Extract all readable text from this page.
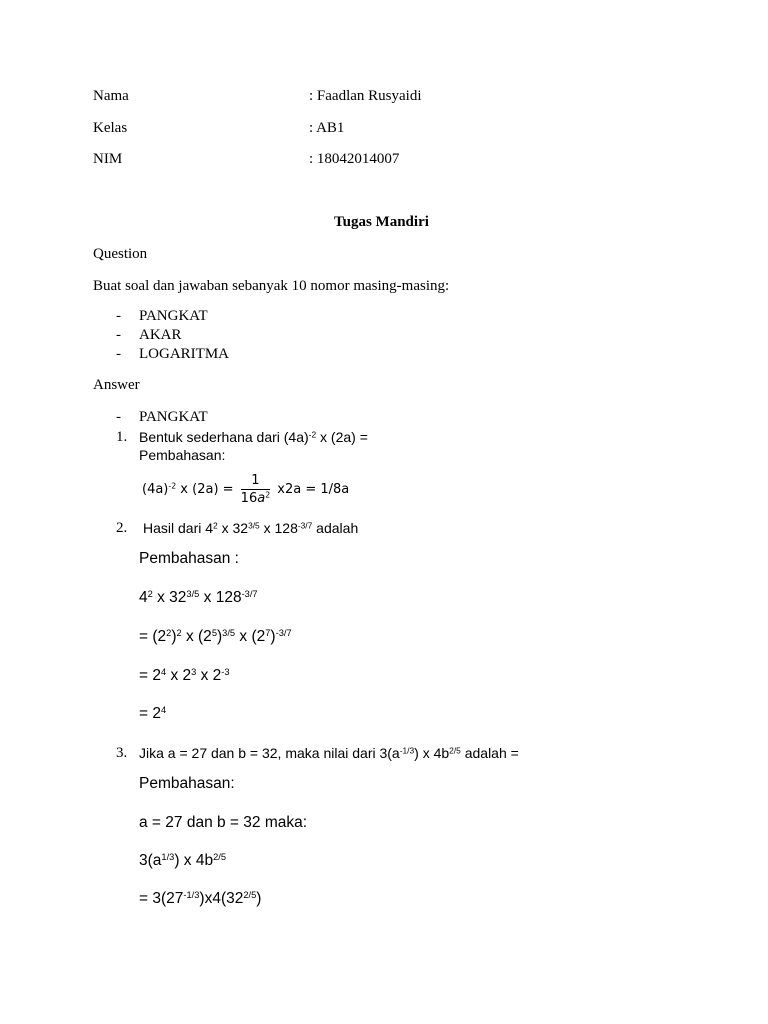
Nama	: Faadlan Rusyaidi
Kelas	: AB1
NIM	: 18042014007
Tugas Mandiri
Question
Buat soal dan jawaban sebanyak 10 nomor masing-masing:
- PANGKAT
- AKAR
- LOGARITMA
Answer
- PANGKAT
1. Bentuk sederhana dari $(4a)^{-2}$ x (2a) =
Pembahasan:
$(4a)^{-2}$ x $(2a) = \frac{1}{16a^2} x2a = 1/8a$
2. Hasil dari $4^2$ x $32^{3/5}$ x $128^{-3/7}$ adalah
Pembahasan :
$4^2$ x $32^{3/5}$ x $128^{-3/7}$
= $(2^2)^2$ x $(2^5)^{3/5}$ x $(2^7)^{-3/7}$
= $2^4$ x $2^3$ x $2^{-3}$
= $2^4$
3. Jika a = 27 dan b = 32, maka nilai dari $3(a^{-1/3})$ x $4b^{2/5}$ adalah =
Pembahasan:
a = 27 dan b = 32 maka:
$3(a^{1/3})$ x $4b^{2/5}$
= $3(27^{-1/3})x4(32^{2/5})$
